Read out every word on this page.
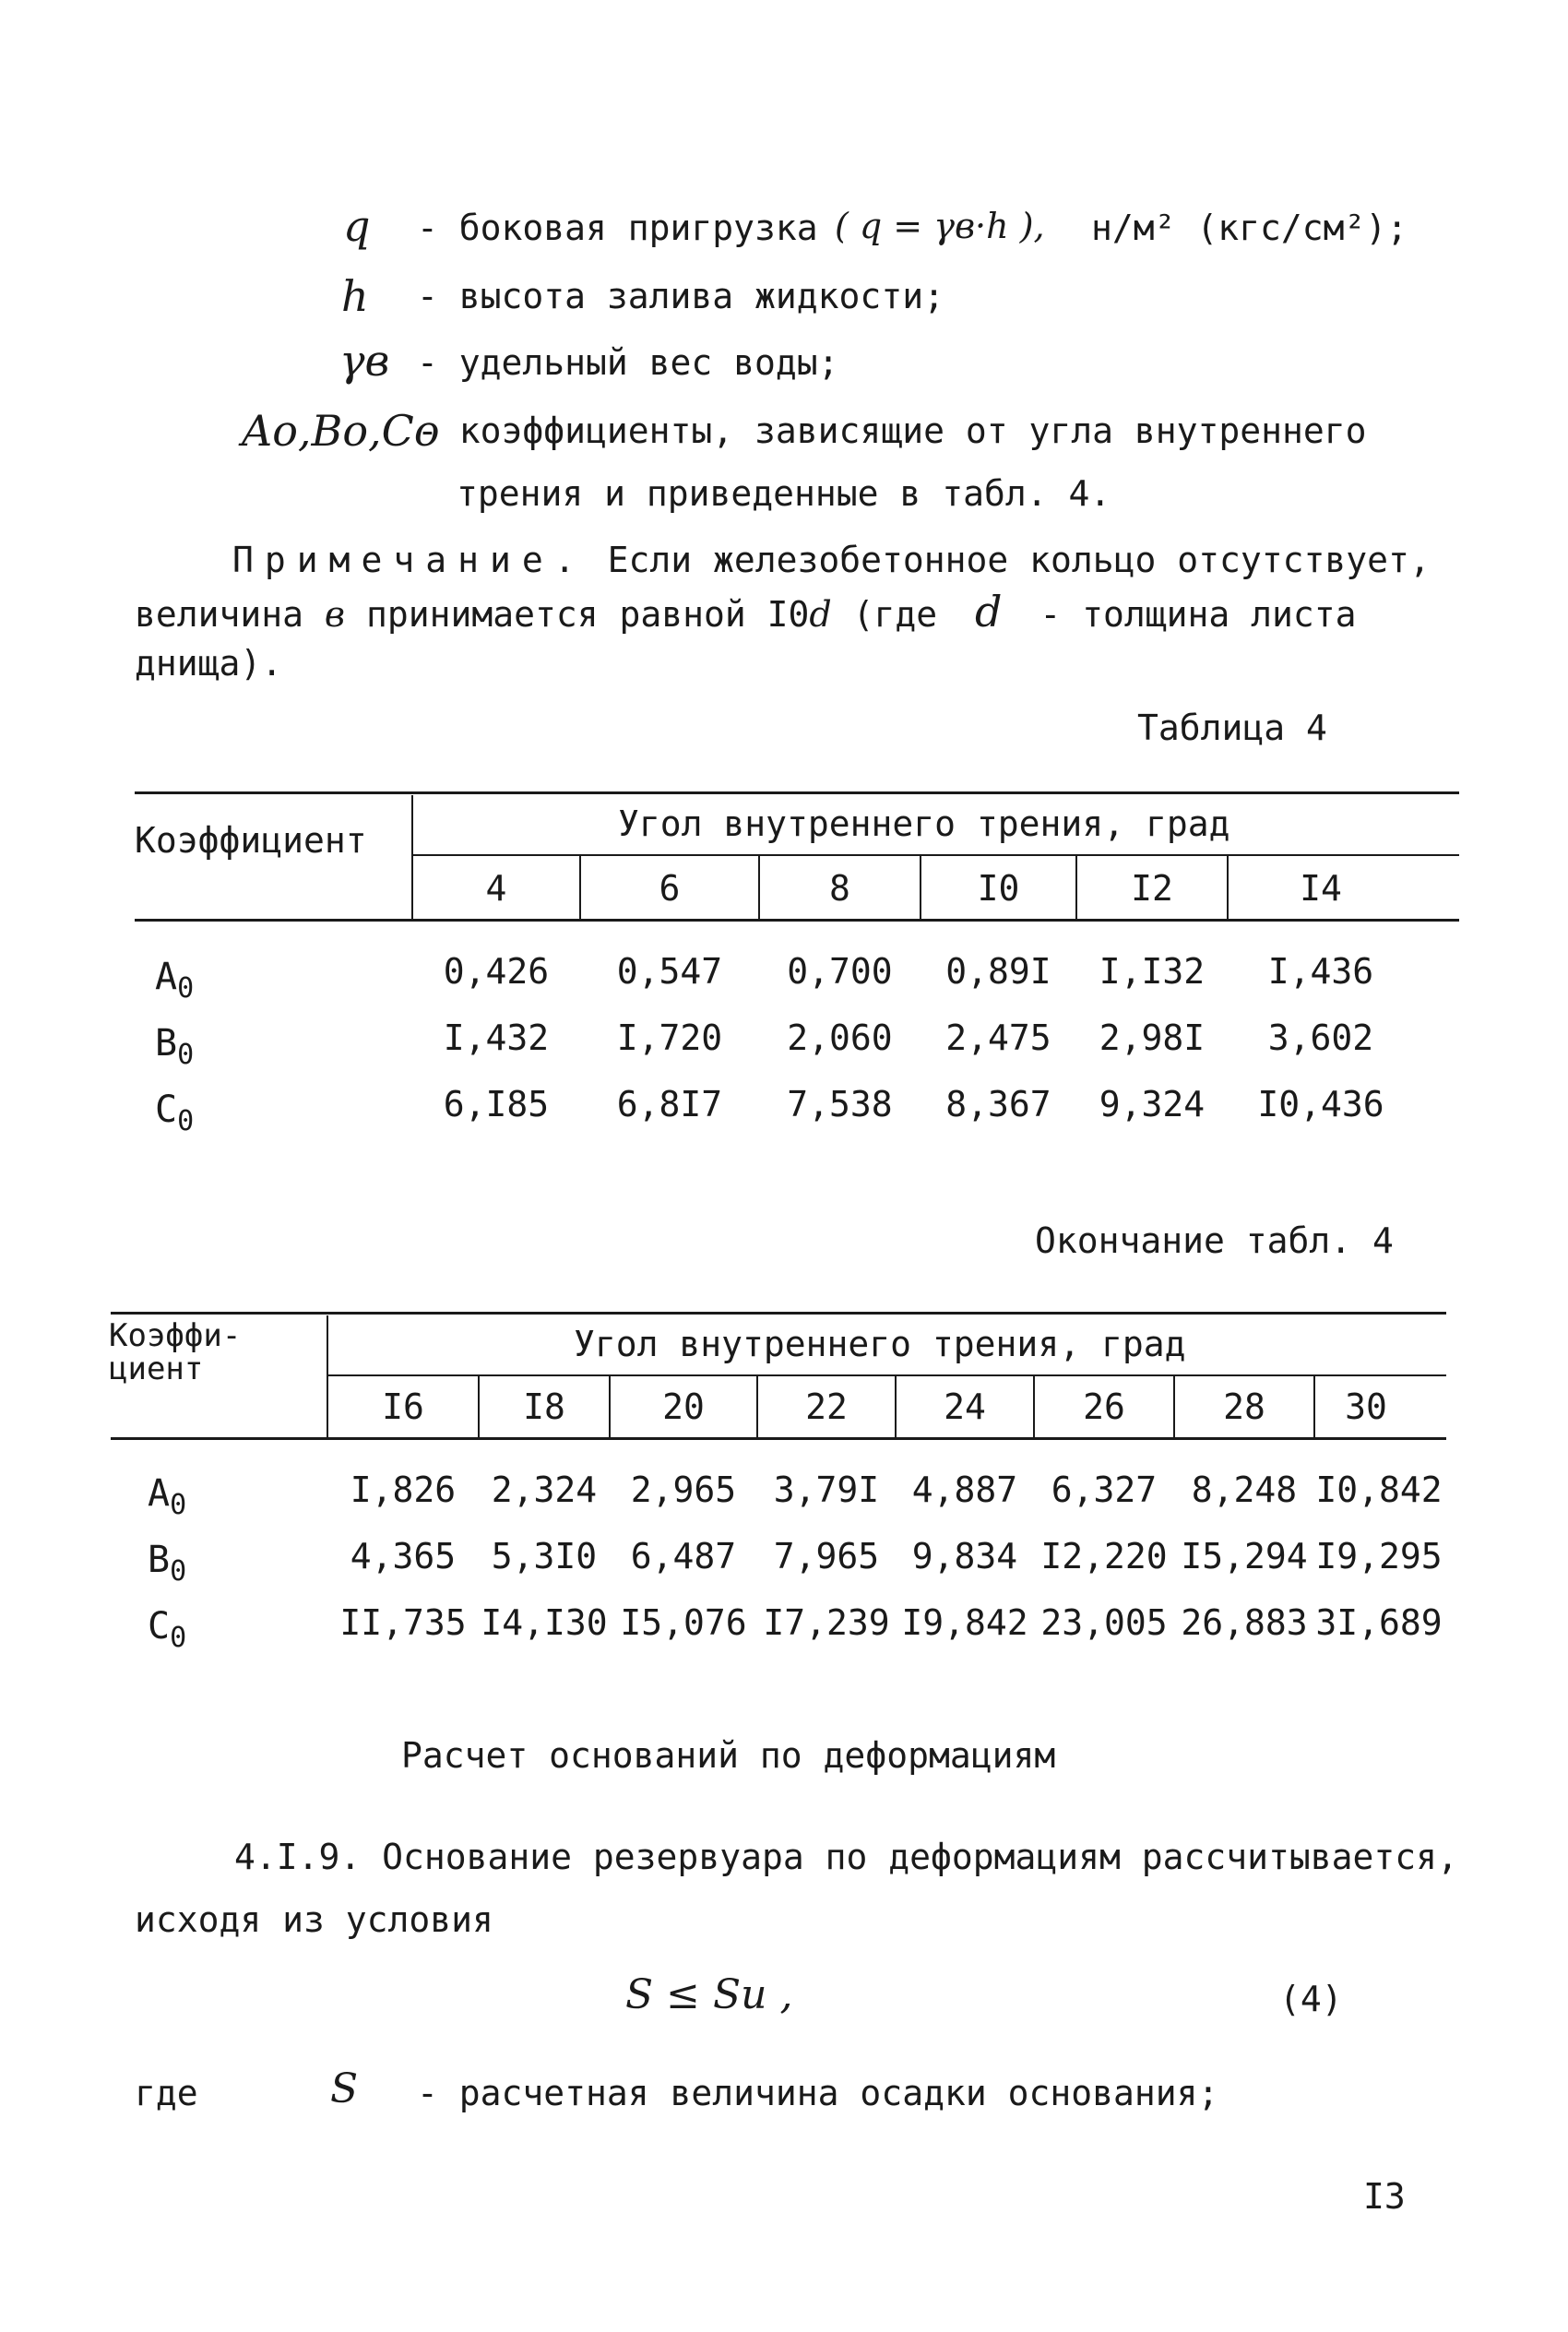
q - боковая пригрузка ( q = γв·h ), н/м² (кгс/см²);
h - высота залива жидкости;
γв - удельный вес воды;
Aо,Bо,Cо
- коэффициенты, зависящие от угла внутреннего
трения и приведенные в табл. 4.
Примечание. Если железобетонное кольцо отсутствует,
величина в принимается равной I0d (где d - толщина листа
днища).
Таблица 4
Коэффициент	Угол внутреннего трения, град
4	6	8	I0	I2	I4
$A_0$	0,426	0,547	0,700	0,89I	I,I32	I,436
$B_0$	I,432	I,720	2,060	2,475	2,98I	3,602
$C_0$	6,I85	6,8I7	7,538	8,367	9,324	I0,436
Окончание табл. 4
Коэффи-
циент
Угол внутреннего трения, град
I6	I8	20	22	24	26	28	30
$A_0$	I,826	2,324 2,965	3,79I 4,887 6,327 8,248 I0,842
$B_0$	4,365	5,3I0 6,487	7,965 9,834 I2,220 I5,294 I9,295
$C_0$	II,735 I4,I30 I5,076 I7,239 I9,842 23,005 26,883 3I,689
Расчет оснований по деформациям
4.I.9. Основание резервуара по деформациям рассчитывается,
исходя из условия
S ≤ Su ,	(4)
где	S - расчетная величина осадки основания;
I3
